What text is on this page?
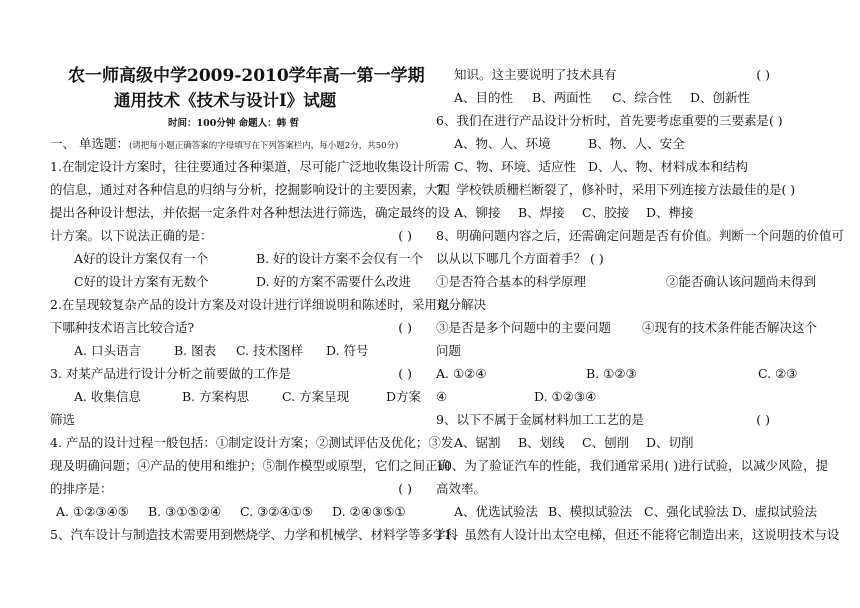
农一师高级中学2009-2010学年高一第一学期
通用技术《技术与设计I》试题
时间：100分钟 命题人：韩 哲
一、 单选题：(请把每小题正确答案的字母填写在下列答案栏内，每小题2分，共50分)
1.在制定设计方案时，往往要通过各种渠道，尽可能广泛地收集设计所需
的信息，通过对各种信息的归纳与分析，挖掘影响设计的主要因素，大胆
提出各种设计想法，并依据一定条件对各种想法进行筛选，确定最终的设
计方案。以下说法正确的是：	( )
A好的设计方案仅有一个	B. 好的设计方案不会仅有一个
C好的设计方案有无数个	D. 好的方案不需要什么改进
2.在呈现较复杂产品的设计方案及对设计进行详细说明和陈述时，采用以
下哪种技术语言比较合适?	( )
A. 口头语言	B. 图表 C. 技术图样 D. 符号
3. 对某产品进行设计分析之前要做的工作是	( )
A. 收集信息	B. 方案构思	C. 方案呈现	D方案
筛选
4. 产品的设计过程一般包括：①制定设计方案；②测试评估及优化；③发
现及明确问题；④产品的使用和维护；⑤制作模型或原型，它们之间正确
的排序是：	( )
A. ①②③④⑤ B. ③①⑤②④ C. ③②④①⑤ D. ②④③⑤①
5、汽车设计与制造技术需要用到燃烧学、力学和机械学、材料学等多学科
知识。这主要说明了技术具有	( )
A、目的性 B、两面性 C、综合性 D、创新性
6、我们在进行产品设计分析时，首先要考虑重要的三要素是( )
A、物、人、环境	B、物、人、安全
C、物、环境、适应性 D、人、物、材料成本和结构
7、学校铁质栅栏断裂了，修补时，采用下列连接方法最佳的是( )
A、铆接 B、焊接 C、胶接 D、榫接
8、明确问题内容之后，还需确定问题是否有价值。判断一个问题的价值可
以从以下哪几个方面着手？ ( )
①是否符合基本的科学原理	②能否确认该问题尚未得到
充分解决
③是否是多个问题中的主要问题 ④现有的技术条件能否解决这个
问题
A. ①②④	B. ①②③	C. ②③
④	D. ①②③④
9、以下不属于金属材料加工工艺的是	( )
A、锯割 B、划线 C、刨削 D、切削
10、为了验证汽车的性能，我们通常采用( )进行试验，以减少风险，提
高效率。
A、优选试验法 B、模拟试验法 C、强化试验法 D、虚拟试验法
11、虽然有人设计出太空电梯，但还不能将它制造出来，这说明技术与设
